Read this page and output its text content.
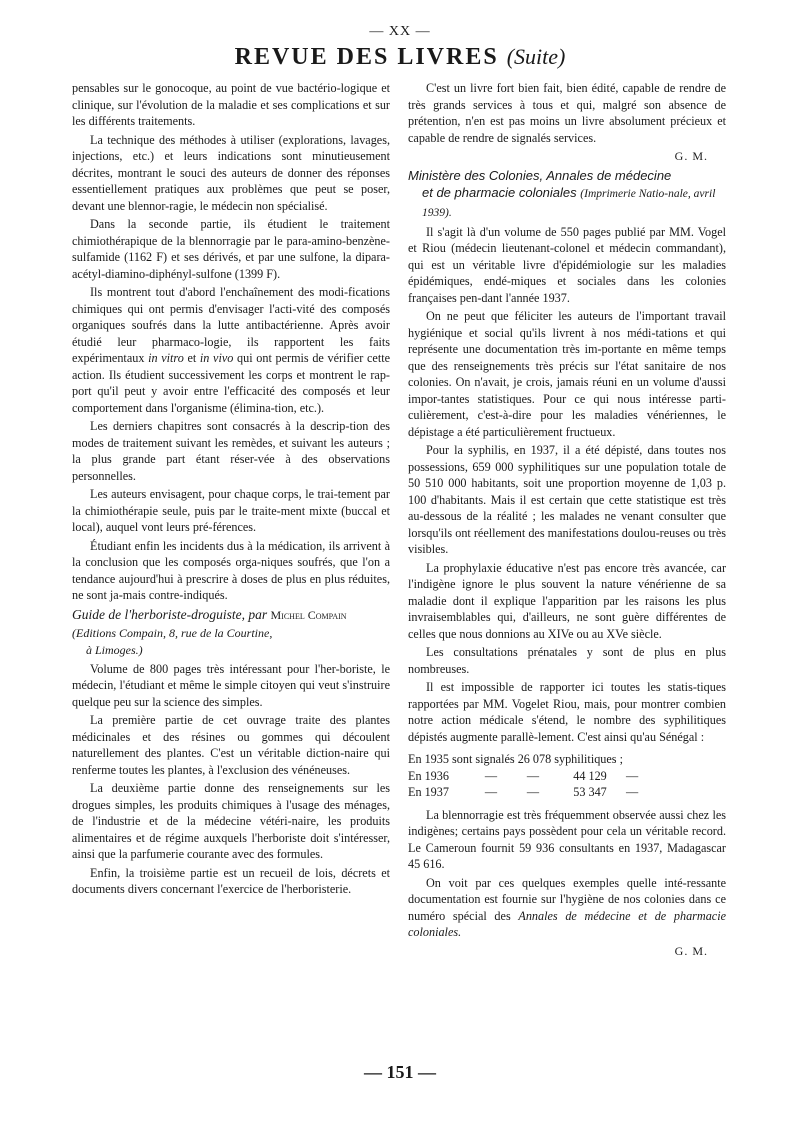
— XX —
REVUE DES LIVRES (Suite)

pensables sur le gonocoque, au point de vue bactério-logique et clinique, sur l'évolution de la maladie et ses complications et sur les différents traitements.

La technique des méthodes à utiliser (explorations, lavages, injections, etc.) et leurs indications sont minutieusement décrites, montrant le souci des auteurs de donner des réponses essentiellement pratiques aux problèmes que peut se poser, devant une blennor-ragie, le médecin non spécialisé.

Dans la seconde partie, ils étudient le traitement chimiothérapique de la blennorragie par le para-amino-benzène-sulfamide (1162 F) et ses dérivés, et par une sulfone, la dipara-acétyl-diamino-diphényl-sulfone (1399 F).

Ils montrent tout d'abord l'enchaînement des modi-fications chimiques qui ont permis d'envisager l'acti-vité des composés organiques soufrés dans la lutte antibactérienne. Après avoir étudié leur pharmaco-logie, ils rapportent les faits expérimentaux in vitro et in vivo qui ont permis de vérifier cette action. Ils étudient successivement les corps et montrent le rap-port qu'il peut y avoir entre l'efficacité des composés et leur comportement dans l'organisme (élimina-tion, etc.).

Les derniers chapitres sont consacrés à la descrip-tion des modes de traitement suivant les remèdes, et suivant les auteurs ; la plus grande part étant réser-vée à des observations personnelles.

Les auteurs envisagent, pour chaque corps, le trai-tement par la chimiothérapie seule, puis par le traite-ment mixte (buccal et local), auquel vont leurs pré-férences.

Étudiant enfin les incidents dus à la médication, ils arrivent à la conclusion que les composés orga-niques soufrés, que l'on a tendance aujourd'hui à prescrire à doses de plus en plus réduites, ne sont ja-mais contre-indiqués.

Guide de l'herboriste-droguiste, par Michel Compain (Editions Compain, 8, rue de la Courtine,
à Limoges.)

Volume de 800 pages très intéressant pour l'her-boriste, le médecin, l'étudiant et même le simple citoyen qui veut s'instruire quelque peu sur la science des simples.

La première partie de cet ouvrage traite des plantes médicinales et des résines ou gommes qui découlent naturellement des plantes. C'est un véritable diction-naire qui renferme toutes les plantes, à l'exclusion des vénéneuses.

La deuxième partie donne des renseignements sur les drogues simples, les produits chimiques à l'usage des ménages, de l'industrie et de la médecine vétéri-naire, les produits alimentaires et de régime auxquels l'herboriste doit s'intéresser, ainsi que la parfumerie courante avec des formules.

Enfin, la troisième partie est un recueil de lois, décrets et documents divers concernant l'exercice de l'herboristerie.

C'est un livre fort bien fait, bien édité, capable de rendre de très grands services à tous et qui, malgré son absence de prétention, n'en est pas moins un livre absolument précieux et capable de rendre de signalés services.

G. M.

Ministère des Colonies, Annales de médecine
et de pharmacie coloniales (Imprimerie Natio-nale, avril 1939).

Il s'agit là d'un volume de 550 pages publié par MM. Vogel et Riou (médecin lieutenant-colonel et médecin commandant), qui est un véritable livre d'épidémiologie sur les maladies épidémiques, endé-miques et sociales dans les colonies françaises pen-dant l'année 1937.

On ne peut que féliciter les auteurs de l'important travail hygiénique et social qu'ils livrent à nos médi-tations et qui représente une documentation très im-portante en même temps que des renseignements très précis sur l'état sanitaire de nos colonies. On n'avait, je crois, jamais réuni en un volume d'aussi impor-tantes statistiques. Pour ce qui nous intéresse parti-culièrement, c'est-à-dire pour les maladies vénériennes, le dépistage a été particulièrement fructueux.

Pour la syphilis, en 1937, il a été dépisté, dans toutes nos possessions, 659 000 syphilitiques sur une population totale de 50 510 000 habitants, soit une proportion moyenne de 1,03 p. 100 d'habitants. Mais il est certain que cette statistique est très au-dessous de la réalité ; les malades ne venant consulter que lorsqu'ils ont réellement des manifestations doulou-reuses ou très visibles.

La prophylaxie éducative n'est pas encore très avancée, car l'indigène ignore le plus souvent la nature vénérienne de sa maladie dont il explique l'apparition par les raisons les plus invraisemblables qui, d'ailleurs, ne sont guère différentes de celles que nous donnions au XIVe ou au XVe siècle.

Les consultations prénatales y sont de plus en plus nombreuses.

Il est impossible de rapporter ici toutes les statis-tiques rapportées par MM. Vogelet Riou, mais, pour montrer combien notre action médicale s'étend, le nombre des syphilitiques dépistés augmente parallè-lement. C'est ainsi qu'au Sénégal :

En 1935 sont signalés
26 078
syphilitiques ;
En 1936	—	—	44 129	—
En 1937	—	—	53 347	—

La blennorragie est très fréquemment observée aussi chez les indigènes; certains pays possèdent pour cela un véritable record. Le Cameroun fournit 59 936 consultants en 1937, Madagascar 45 616.

On voit par ces quelques exemples quelle inté-ressante documentation est fournie sur l'hygiène de nos colonies dans ce numéro spécial des Annales de médecine et de pharmacie coloniales.

G. M.

— 151 —
